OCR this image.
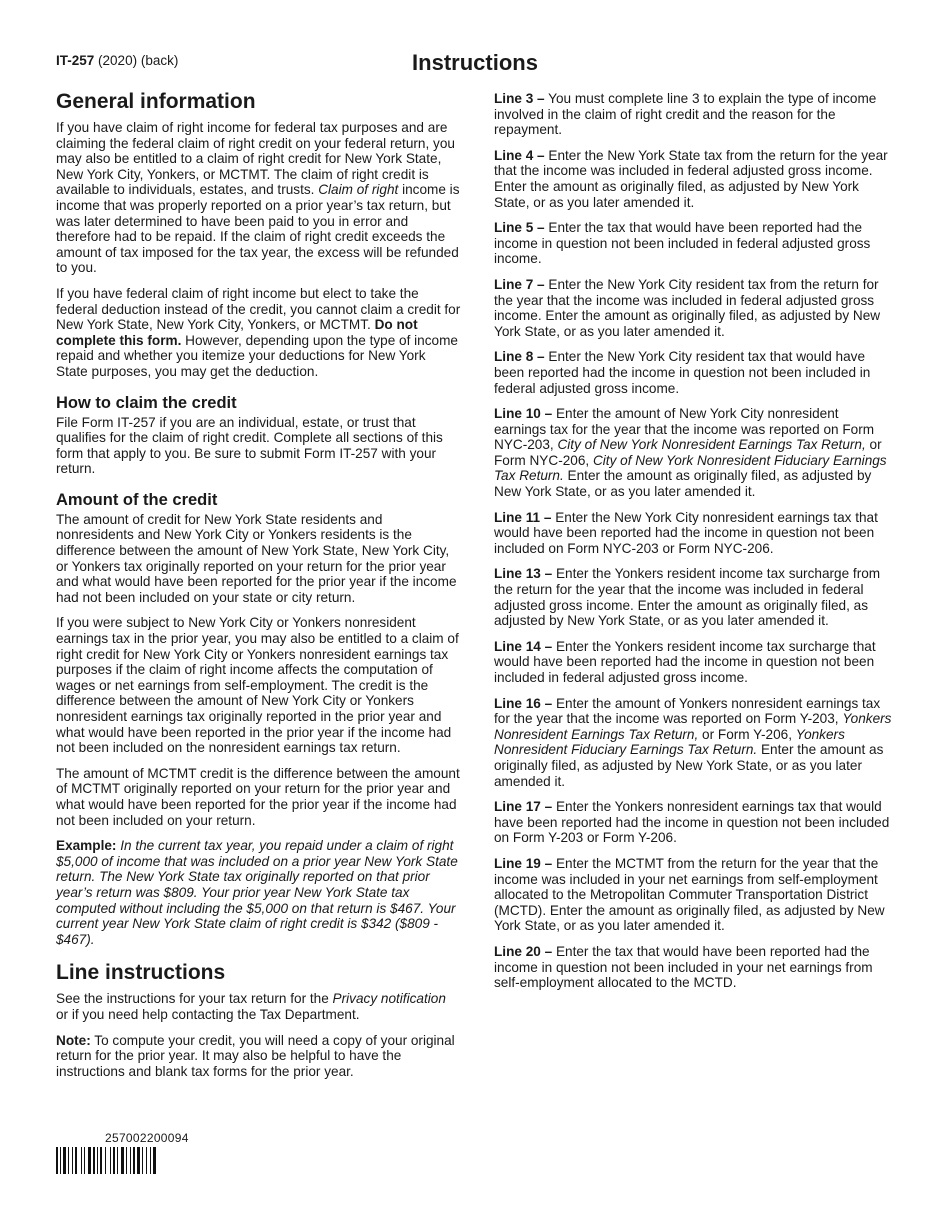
IT-257 (2020) (back)	Instructions
General information

If you have claim of right income for federal tax purposes and are claiming the federal claim of right credit on your federal return, you may also be entitled to a claim of right credit for New York State, New York City, Yonkers, or MCTMT. The claim of right credit is available to individuals, estates, and trusts. Claim of right income is income that was properly reported on a prior year’s tax return, but was later determined to have been paid to you in error and therefore had to be repaid. If the claim of right credit exceeds the amount of tax imposed for the tax year, the excess will be refunded to you.

If you have federal claim of right income but elect to take the federal deduction instead of the credit, you cannot claim a credit for New York State, New York City, Yonkers, or MCTMT. Do not complete this form. However, depending upon the type of income repaid and whether you itemize your deductions for New York State purposes, you may get the deduction.

How to claim the credit

File Form IT-257 if you are an individual, estate, or trust that qualifies for the claim of right credit. Complete all sections of this form that apply to you. Be sure to submit Form IT-257 with your return.

Amount of the credit

The amount of credit for New York State residents and nonresidents and New York City or Yonkers residents is the difference between the amount of New York State, New York City, or Yonkers tax originally reported on your return for the prior year and what would have been reported for the prior year if the income had not been included on your state or city return.

If you were subject to New York City or Yonkers nonresident earnings tax in the prior year, you may also be entitled to a claim of right credit for New York City or Yonkers nonresident earnings tax purposes if the claim of right income affects the computation of wages or net earnings from self-employment. The credit is the difference between the amount of New York City or Yonkers nonresident earnings tax originally reported in the prior year and what would have been reported in the prior year if the income had not been included on the nonresident earnings tax return.

The amount of MCTMT credit is the difference between the amount of MCTMT originally reported on your return for the prior year and what would have been reported for the prior year if the income had not been included on your return.

Example: In the current tax year, you repaid under a claim of right $5,000 of income that was included on a prior year New York State return. The New York State tax originally reported on that prior year’s return was $809. Your prior year New York State tax computed without including the $5,000 on that return is $467. Your current year New York State claim of right credit is $342 ($809 - $467).

Line instructions

See the instructions for your tax return for the Privacy notification or if you need help contacting the Tax Department.

Note: To compute your credit, you will need a copy of your original return for the prior year. It may also be helpful to have the instructions and blank tax forms for the prior year.

Line 3 – You must complete line 3 to explain the type of income involved in the claim of right credit and the reason for the repayment.

Line 4 – Enter the New York State tax from the return for the year that the income was included in federal adjusted gross income. Enter the amount as originally filed, as adjusted by New York State, or as you later amended it.

Line 5 – Enter the tax that would have been reported had the income in question not been included in federal adjusted gross income.

Line 7 – Enter the New York City resident tax from the return for the year that the income was included in federal adjusted gross income. Enter the amount as originally filed, as adjusted by New York State, or as you later amended it.

Line 8 – Enter the New York City resident tax that would have been reported had the income in question not been included in federal adjusted gross income.

Line 10 – Enter the amount of New York City nonresident earnings tax for the year that the income was reported on Form NYC-203, City of New York Nonresident Earnings Tax Return, or Form NYC-206, City of New York Nonresident Fiduciary Earnings Tax Return. Enter the amount as originally filed, as adjusted by New York State, or as you later amended it.

Line 11 – Enter the New York City nonresident earnings tax that would have been reported had the income in question not been included on Form NYC-203 or Form NYC-206.

Line 13 – Enter the Yonkers resident income tax surcharge from the return for the year that the income was included in federal adjusted gross income. Enter the amount as originally filed, as adjusted by New York State, or as you later amended it.

Line 14 – Enter the Yonkers resident income tax surcharge that would have been reported had the income in question not been included in federal adjusted gross income.

Line 16 – Enter the amount of Yonkers nonresident earnings tax for the year that the income was reported on Form Y-203, Yonkers Nonresident Earnings Tax Return, or Form Y-206, Yonkers Nonresident Fiduciary Earnings Tax Return. Enter the amount as originally filed, as adjusted by New York State, or as you later amended it.

Line 17 – Enter the Yonkers nonresident earnings tax that would have been reported had the income in question not been included on Form Y-203 or Form Y-206.

Line 19 – Enter the MCTMT from the return for the year that the income was included in your net earnings from self-employment allocated to the Metropolitan Commuter Transportation District (MCTD). Enter the amount as originally filed, as adjusted by New York State, or as you later amended it.

Line 20 – Enter the tax that would have been reported had the income in question not been included in your net earnings from self-employment allocated to the MCTD.

257002200094
